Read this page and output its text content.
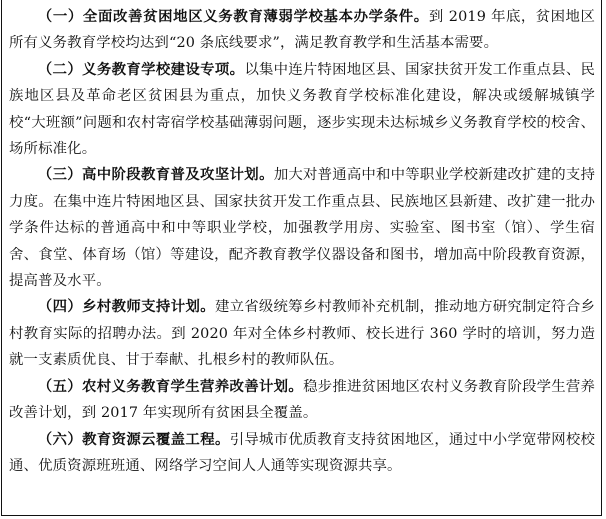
（一）全面改善贫困地区义务教育薄弱学校基本办学条件。到 2019 年底，贫困地区所有义务教育学校均达到“20 条底线要求”，满足教育教学和生活基本需要。

（二）义务教育学校建设专项。以集中连片特困地区县、国家扶贫开发工作重点县、民族地区县及革命老区贫困县为重点，加快义务教育学校标准化建设，解决或缓解城镇学校“大班额”问题和农村寄宿学校基础薄弱问题，逐步实现未达标城乡义务教育学校的校舍、场所标准化。

（三）高中阶段教育普及攻坚计划。加大对普通高中和中等职业学校新建改扩建的支持力度。在集中连片特困地区县、国家扶贫开发工作重点县、民族地区县新建、改扩建一批办学条件达标的普通高中和中等职业学校，加强教学用房、实验室、图书室（馆）、学生宿舍、食堂、体育场（馆）等建设，配齐教育教学仪器设备和图书，增加高中阶段教育资源，提高普及水平。

（四）乡村教师支持计划。建立省级统筹乡村教师补充机制，推动地方研究制定符合乡村教育实际的招聘办法。到 2020 年对全体乡村教师、校长进行 360 学时的培训，努力造就一支素质优良、甘于奉献、扎根乡村的教师队伍。

（五）农村义务教育学生营养改善计划。稳步推进贫困地区农村义务教育阶段学生营养改善计划，到 2017 年实现所有贫困县全覆盖。

（六）教育资源云覆盖工程。引导城市优质教育支持贫困地区，通过中小学宽带网校校通、优质资源班班通、网络学习空间人人通等实现资源共享。
